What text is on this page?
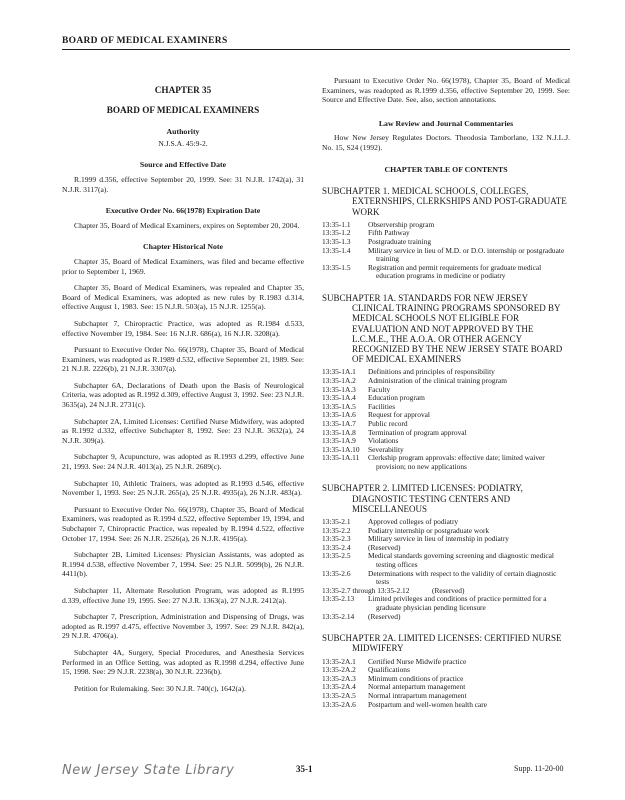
BOARD OF MEDICAL EXAMINERS
CHAPTER 35
BOARD OF MEDICAL EXAMINERS
Authority
N.J.S.A. 45:9-2.
Source and Effective Date

R.1999 d.356, effective September 20, 1999. See: 31 N.J.R. 1742(a), 31 N.J.R. 3117(a).

Executive Order No. 66(1978) Expiration Date

Chapter 35, Board of Medical Examiners, expires on September 20, 2004.

Chapter Historical Note

Chapter 35, Board of Medical Examiners, was filed and became effective prior to September 1, 1969.

Chapter 35, Board of Medical Examiners, was repealed and Chapter 35, Board of Medical Examiners, was adopted as new rules by R.1983 d.314, effective August 1, 1983. See: 15 N.J.R. 503(a), 15 N.J.R. 1255(a).

Subchapter 7, Chiropractic Practice, was adopted as R.1984 d.533, effective November 19, 1984. See: 16 N.J.R. 686(a), 16 N.J.R. 3208(a).

Pursuant to Executive Order No. 66(1978), Chapter 35, Board of Medical Examiners, was readopted as R.1989 d.532, effective September 21, 1989. See: 21 N.J.R. 2226(b), 21 N.J.R. 3307(a).

Subchapter 6A, Declarations of Death upon the Basis of Neurological Criteria, was adopted as R.1992 d.309, effective August 3, 1992. See: 23 N.J.R. 3635(a), 24 N.J.R. 2731(c).

Subchapter 2A, Limited Licenses: Certified Nurse Midwifery, was adopted as R.1992 d.332, effective Subchapter 8, 1992. See: 23 N.J.R. 3632(a), 24 N.J.R. 309(a).

Subchapter 9, Acupuncture, was adopted as R.1993 d.299, effective June 21, 1993. See: 24 N.J.R. 4013(a), 25 N.J.R. 2689(c).

Subchapter 10, Athletic Trainers, was adopted as R.1993 d.546, effective November 1, 1993. See: 25 N.J.R. 265(a), 25 N.J.R. 4935(a), 26 N.J.R. 483(a).

Pursuant to Executive Order No. 66(1978), Chapter 35, Board of Medical Examiners, was readopted as R.1994 d.522, effective September 19, 1994, and Subchapter 7, Chiropractic Practice, was repealed by R.1994 d.522, effective October 17, 1994. See: 26 N.J.R. 2526(a), 26 N.J.R. 4195(a).

Subchapter 2B, Limited Licenses: Physician Assistants, was adopted as R.1994 d.538, effective November 7, 1994. See: 25 N.J.R. 5099(b), 26 N.J.R. 4411(b).

Subchapter 11, Alternate Resolution Program, was adopted as R.1995 d.339, effective June 19, 1995. See: 27 N.J.R. 1363(a), 27 N.J.R. 2412(a).

Subchapter 7, Prescription, Administration and Dispensing of Drugs, was adopted as R.1997 d.475, effective November 3, 1997. See: 29 N.J.R. 842(a), 29 N.J.R. 4706(a).

Subchapter 4A, Surgery, Special Procedures, and Anesthesia Services Performed in an Office Setting, was adopted as R.1998 d.294, effective June 15, 1998. See: 29 N.J.R. 2238(a), 30 N.J.R. 2236(b).

Petition for Rulemaking. See: 30 N.J.R. 740(c), 1642(a).

Pursuant to Executive Order No. 66(1978), Chapter 35, Board of Medical Examiners, was readopted as R.1999 d.356, effective September 20, 1999. See: Source and Effective Date. See, also, section annotations.

Law Review and Journal Commentaries

How New Jersey Regulates Doctors. Theodosia Tamborlane, 132 N.J.L.J. No. 15, S24 (1992).

CHAPTER TABLE OF CONTENTS
SUBCHAPTER 1. MEDICAL SCHOOLS, COLLEGES, EXTERNSHIPS, CLERKSHIPS AND POST-GRADUATE WORK
13:35-1.1	Observership program
13:35-1.2	Fifth Pathway
13:35-1.3	Postgraduate training
13:35-1.4	Military service in lieu of M.D. or D.O. internship or postgraduate training
13:35-1.5	Registration and permit requirements for graduate medical education programs in medicine or podiatry
SUBCHAPTER 1A. STANDARDS FOR NEW JERSEY CLINICAL TRAINING PROGRAMS SPONSORED BY MEDICAL SCHOOLS NOT ELIGIBLE FOR EVALUATION AND NOT APPROVED BY THE L.C.M.E., THE A.O.A. OR OTHER AGENCY RECOGNIZED BY THE NEW JERSEY STATE BOARD OF MEDICAL EXAMINERS
13:35-1A.1	Definitions and principles of responsibility
13:35-1A.2	Administration of the clinical training program
13:35-1A.3	Faculty
13:35-1A.4	Education program
13:35-1A.5	Facilities
13:35-1A.6	Request for approval
13:35-1A.7	Public record
13:35-1A.8	Termination of program approval
13:35-1A.9	Violations
13:35-1A.10	Severability
13:35-1A.11	Clerkship program approvals: effective date; limited waiver provision; no new applications
SUBCHAPTER 2. LIMITED LICENSES: PODIATRY, DIAGNOSTIC TESTING CENTERS AND MISCELLANEOUS
13:35-2.1	Approved colleges of podiatry
13:35-2.2	Podiatry internship or postgraduate work
13:35-2.3	Military service in lieu of internship in podiatry
13:35-2.4	(Reserved)
13:35-2.5	Medical standards governing screening and diagnostic medical testing offices
13:35-2.6	Determinations with respect to the validity of certain diagnostic tests
13:35-2.7 through 13:35-2.12	(Reserved)
13:35-2.13	Limited privileges and conditions of practice permitted for a graduate physician pending licensure
13:35-2.14	(Reserved)
SUBCHAPTER 2A. LIMITED LICENSES: CERTIFIED NURSE MIDWIFERY
13:35-2A.1	Certified Nurse Midwife practice
13:35-2A.2	Qualifications
13:35-2A.3	Minimum conditions of practice
13:35-2A.4	Normal antepartum management
13:35-2A.5	Normal intrapartum management
13:35-2A.6	Postpartum and well-women health care
New Jersey State Library	35-1	Supp. 11-20-00
